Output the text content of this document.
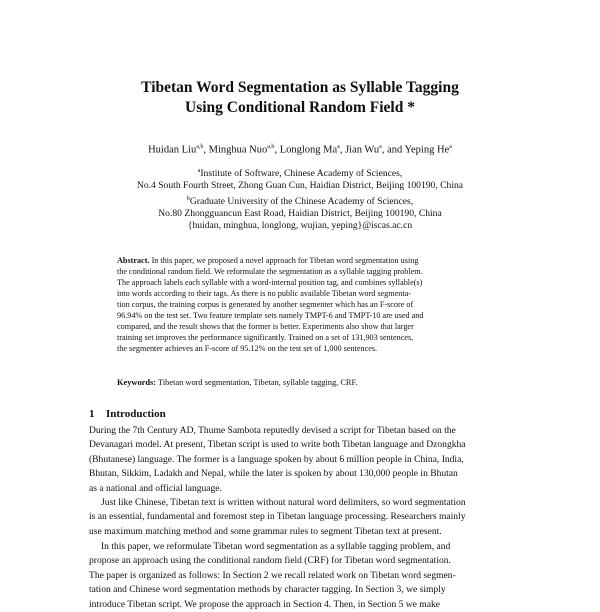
Tibetan Word Segmentation as Syllable Tagging
Using Conditional Random Field *
Huidan Liu$^{a,b}$, Minghua Nuo$^{a,b}$, Longlong Ma$^a$, Jian Wu$^a$, and Yeping He$^a$
$^a$Institute of Software, Chinese Academy of Sciences,
No.4 South Fourth Street, Zhong Guan Cun, Haidian District, Beijing 100190, China
$^b$Graduate University of the Chinese Academy of Sciences,
No.80 Zhongguancun East Road, Haidian District, Beijing 100190, China
{huidan, minghua, longlong, wujian, yeping}@iscas.ac.cn
Abstract. In this paper, we proposed a novel approach for Tibetan word segmentation using
the conditional random field. We reformulate the segmentation as a syllable tagging problem.
The approach labels each syllable with a word-internal position tag, and combines syllable(s)
into words according to their tags. As there is no public available Tibetan word segmenta-
tion corpus, the training corpus is generated by another segmenter which has an F-score of
96.94% on the test set. Two feature template sets namely TMPT-6 and TMPT-10 are used and
compared, and the result shows that the former is better. Experiments also show that larger
training set improves the performance significantly. Trained on a set of 131,903 sentences,
the segmenter achieves an F-score of 95.12% on the test set of 1,000 sentences.
Keywords: Tibetan word segmentation, Tibetan, syllable tagging, CRF.
1 Introduction
During the 7th Century AD, Thume Sambota reputedly devised a script for Tibetan based on the
Devanagari model. At present, Tibetan script is used to write both Tibetan language and Dzongkha
(Bhutanese) language. The former is a language spoken by about 6 million people in China, India,
Bhutan, Sikkim, Ladakh and Nepal, while the later is spoken by about 130,000 people in Bhutan
as a national and official language.
Just like Chinese, Tibetan text is written without natural word delimiters, so word segmentation
is an essential, fundamental and foremost step in Tibetan language processing. Researchers mainly
use maximum matching method and some grammar rules to segment Tibetan text at present.
In this paper, we reformulate Tibetan word segmentation as a syllable tagging problem, and
propose an approach using the conditional random field (CRF) for Tibetan word segmentation.
The paper is organized as follows: In Section 2 we recall related work on Tibetan word segmen-
tation and Chinese word segmentation methods by character tagging. In Section 3, we simply
introduce Tibetan script. We propose the approach in Section 4. Then, in Section 5 we make
